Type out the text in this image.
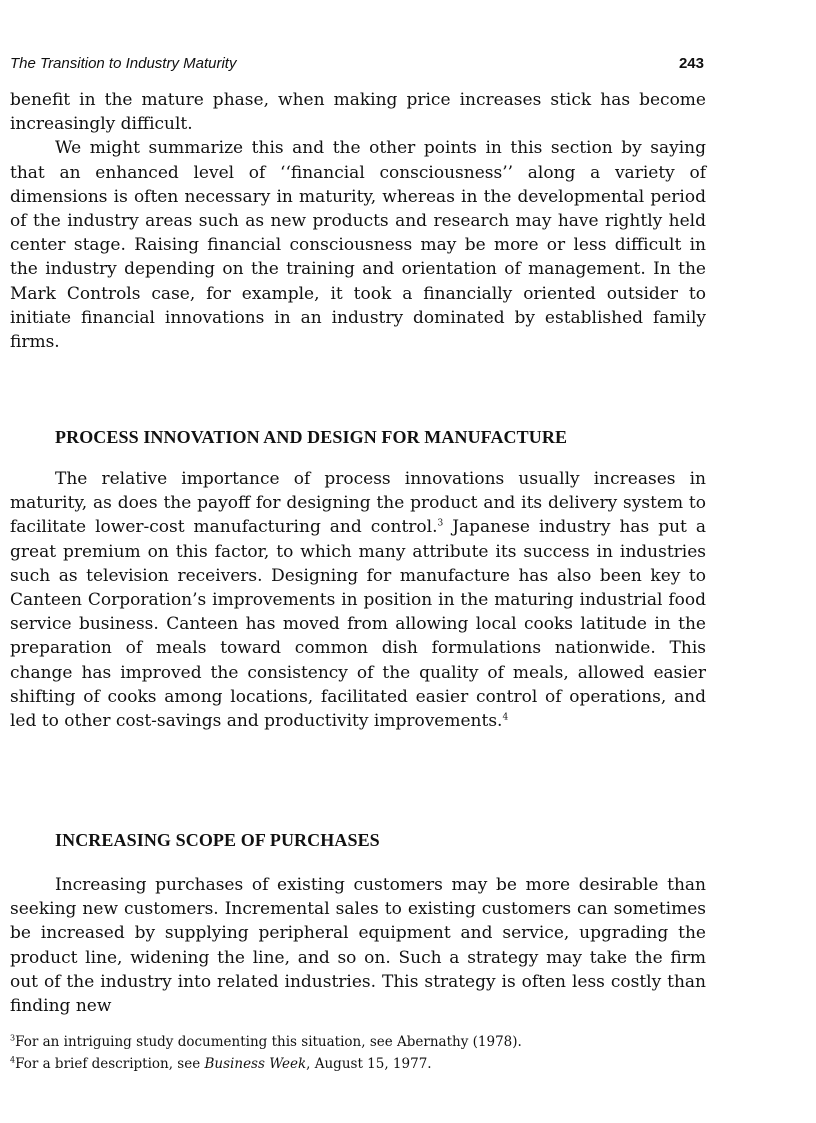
The Transition to Industry Maturity	243

benefit in the mature phase, when making price increases stick has become increasingly difficult.

We might summarize this and the other points in this section by saying that an enhanced level of ‘‘financial consciousness’’ along a variety of dimensions is often necessary in maturity, whereas in the developmental period of the industry areas such as new products and research may have rightly held center stage. Raising financial consciousness may be more or less difficult in the industry depending on the training and orientation of management. In the Mark Controls case, for example, it took a financially oriented outsider to initiate financial innovations in an industry dominated by established family firms.

PROCESS INNOVATION AND DESIGN FOR MANUFACTURE

The relative importance of process innovations usually increases in maturity, as does the payoff for designing the product and its delivery system to facilitate lower-cost manufacturing and control.$^3$ Japanese industry has put a great premium on this factor, to which many attribute its success in industries such as television receivers. Designing for manufacture has also been key to Canteen Corporation’s improvements in position in the maturing industrial food service business. Canteen has moved from allowing local cooks latitude in the preparation of meals toward common dish formulations nationwide. This change has improved the consistency of the quality of meals, allowed easier shifting of cooks among locations, facilitated easier control of operations, and led to other cost-savings and productivity improvements.$^4$

INCREASING SCOPE OF PURCHASES

Increasing purchases of existing customers may be more desirable than seeking new customers. Incremental sales to existing customers can sometimes be increased by supplying peripheral equipment and service, upgrading the product line, widening the line, and so on. Such a strategy may take the firm out of the industry into related industries. This strategy is often less costly than finding new

$^3$For an intriguing study documenting this situation, see Abernathy (1978).
$^4$For a brief description, see Business Week, August 15, 1977.
